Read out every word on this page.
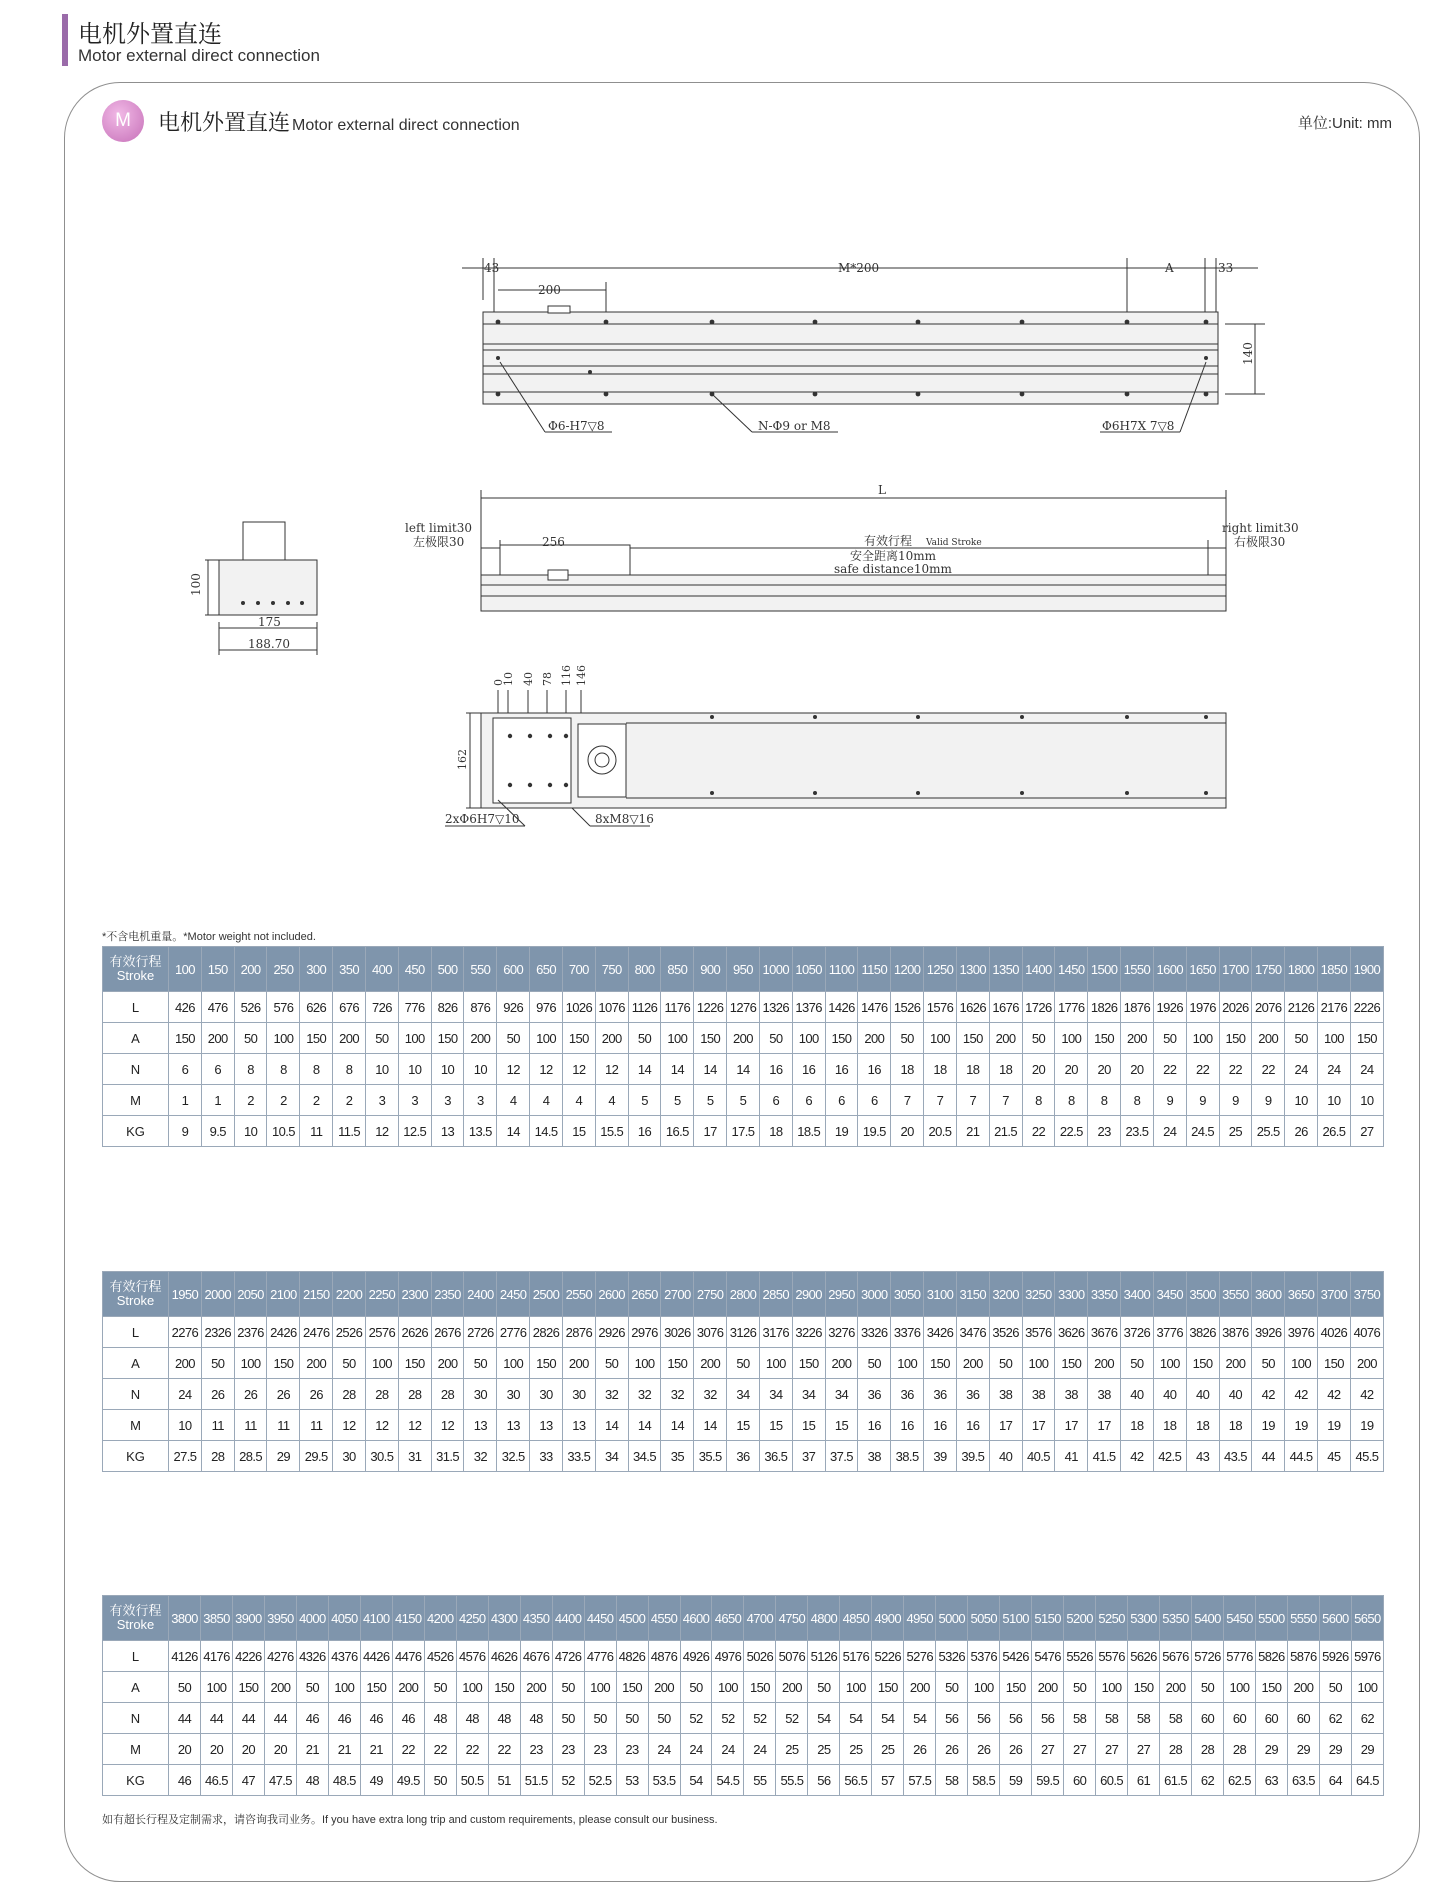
电机外置直连
Motor external direct connection
M	电机外置直连 Motor external direct connection	单位:Unit: mm
43	M*200	A	33
200
140
Φ6-H7▽8	N-Φ9 or M8	Φ6H7X 7▽8
L
256
left limit30
左极限30
right limit30
右极限30
有效行程 Valid Stroke
安全距离10mm
safe distance10mm
100
175
188.70
0
10 40 78 116 146
162
2xΦ6H7▽10	8xM8▽16
*不含电机重量。*Motor weight not included.
有效行程
Stroke	100	150	200	250	300	350	400	450	500	550	600	650	700	750	800	850	900	950	1000	1050	1100	1150	1200	1250	1300	1350	1400	1450	1500	1550	1600	1650	1700	1750	1800	1850	1900
L	426	476	526	576	626	676	726	776	826	876	926	976	1026	1076	1126	1176	1226	1276	1326	1376	1426	1476	1526	1576	1626	1676	1726	1776	1826	1876	1926	1976	2026	2076	2126	2176	2226
A	150	200	50	100	150	200	50	100	150	200	50	100	150	200	50	100	150	200	50	100	150	200	50	100	150	200	50	100	150	200	50	100	150	200	50	100	150
N	6	6	8	8	8	8	10	10	10	10	12	12	12	12	14	14	14	14	16	16	16	16	18	18	18	18	20	20	20	20	22	22	22	22	24	24	24
M	1	1	2	2	2	2	3	3	3	3	4	4	4	4	5	5	5	5	6	6	6	6	7	7	7	7	8	8	8	8	9	9	9	9	10	10	10
KG	9	9.5	10	10.5	11	11.5	12	12.5	13	13.5	14	14.5	15	15.5	16	16.5	17	17.5	18	18.5	19	19.5	20	20.5	21	21.5	22	22.5	23	23.5	24	24.5	25	25.5	26	26.5	27
有效行程
Stroke	1950	2000	2050	2100	2150	2200	2250	2300	2350	2400	2450	2500	2550	2600	2650	2700	2750	2800	2850	2900	2950	3000	3050	3100	3150	3200	3250	3300	3350	3400	3450	3500	3550	3600	3650	3700	3750
L	2276	2326	2376	2426	2476	2526	2576	2626	2676	2726	2776	2826	2876	2926	2976	3026	3076	3126	3176	3226	3276	3326	3376	3426	3476	3526	3576	3626	3676	3726	3776	3826	3876	3926	3976	4026	4076
A	200	50	100	150	200	50	100	150	200	50	100	150	200	50	100	150	200	50	100	150	200	50	100	150	200	50	100	150	200	50	100	150	200	50	100	150	200
N	24	26	26	26	26	28	28	28	28	30	30	30	30	32	32	32	32	34	34	34	34	36	36	36	36	38	38	38	38	40	40	40	40	42	42	42	42
M	10	11	11	11	11	12	12	12	12	13	13	13	13	14	14	14	14	15	15	15	15	16	16	16	16	17	17	17	17	18	18	18	18	19	19	19	19
KG	27.5	28	28.5	29	29.5	30	30.5	31	31.5	32	32.5	33	33.5	34	34.5	35	35.5	36	36.5	37	37.5	38	38.5	39	39.5	40	40.5	41	41.5	42	42.5	43	43.5	44	44.5	45	45.5
有效行程
Stroke	3800	3850	3900	3950	4000	4050	4100	4150	4200	4250	4300	4350	4400	4450	4500	4550	4600	4650	4700	4750	4800	4850	4900	4950	5000	5050	5100	5150	5200	5250	5300	5350	5400	5450	5500	5550	5600	5650
L	4126	4176	4226	4276	4326	4376	4426	4476	4526	4576	4626	4676	4726	4776	4826	4876	4926	4976	5026	5076	5126	5176	5226	5276	5326	5376	5426	5476	5526	5576	5626	5676	5726	5776	5826	5876	5926	5976
A	50	100	150	200	50	100	150	200	50	100	150	200	50	100	150	200	50	100	150	200	50	100	150	200	50	100	150	200	50	100	150	200	50	100	150	200	50	100
N	44	44	44	44	46	46	46	46	48	48	48	48	50	50	50	50	52	52	52	52	54	54	54	54	56	56	56	56	58	58	58	58	60	60	60	60	62	62
M	20	20	20	20	21	21	21	22	22	22	22	23	23	23	23	24	24	24	24	25	25	25	25	26	26	26	26	27	27	27	27	28	28	28	29	29	29	29
KG	46	46.5	47	47.5	48	48.5	49	49.5	50	50.5	51	51.5	52	52.5	53	53.5	54	54.5	55	55.5	56	56.5	57	57.5	58	58.5	59	59.5	60	60.5	61	61.5	62	62.5	63	63.5	64	64.5
如有超长行程及定制需求，请咨询我司业务。If you have extra long trip and custom requirements, please consult our business.
